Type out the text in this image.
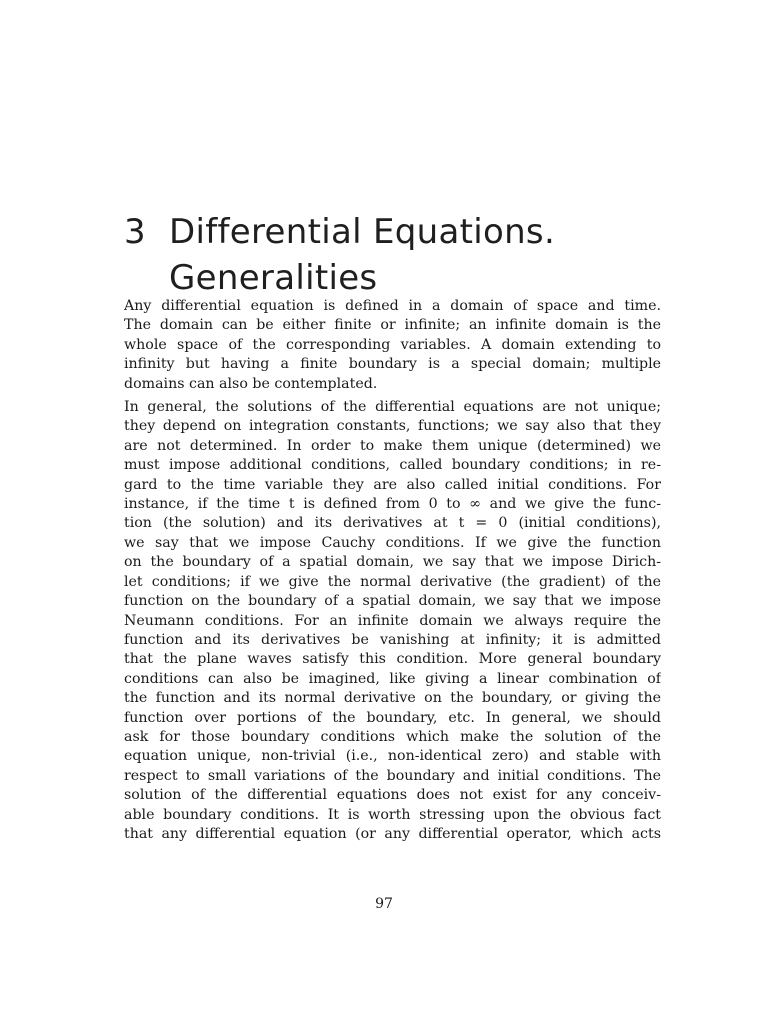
3 Differential Equations.
Generalities

Any differential equation is defined in a domain of space and time.
The domain can be either finite or infinite; an infinite domain is the
whole space of the corresponding variables. A domain extending to
infinity but having a finite boundary is a special domain; multiple
domains can also be contemplated.

In general, the solutions of the differential equations are not unique;
they depend on integration constants, functions; we say also that they
are not determined. In order to make them unique (determined) we
must impose additional conditions, called boundary conditions; in re-
gard to the time variable they are also called initial conditions. For
instance, if the time t is defined from 0 to ∞ and we give the func-
tion (the solution) and its derivatives at t = 0 (initial conditions),
we say that we impose Cauchy conditions. If we give the function
on the boundary of a spatial domain, we say that we impose Dirich-
let conditions; if we give the normal derivative (the gradient) of the
function on the boundary of a spatial domain, we say that we impose
Neumann conditions. For an infinite domain we always require the
function and its derivatives be vanishing at infinity; it is admitted
that the plane waves satisfy this condition. More general boundary
conditions can also be imagined, like giving a linear combination of
the function and its normal derivative on the boundary, or giving the
function over portions of the boundary, etc. In general, we should
ask for those boundary conditions which make the solution of the
equation unique, non-trivial (i.e., non-identical zero) and stable with
respect to small variations of the boundary and initial conditions. The
solution of the differential equations does not exist for any conceiv-
able boundary conditions. It is worth stressing upon the obvious fact
that any differential equation (or any differential operator, which acts

97
